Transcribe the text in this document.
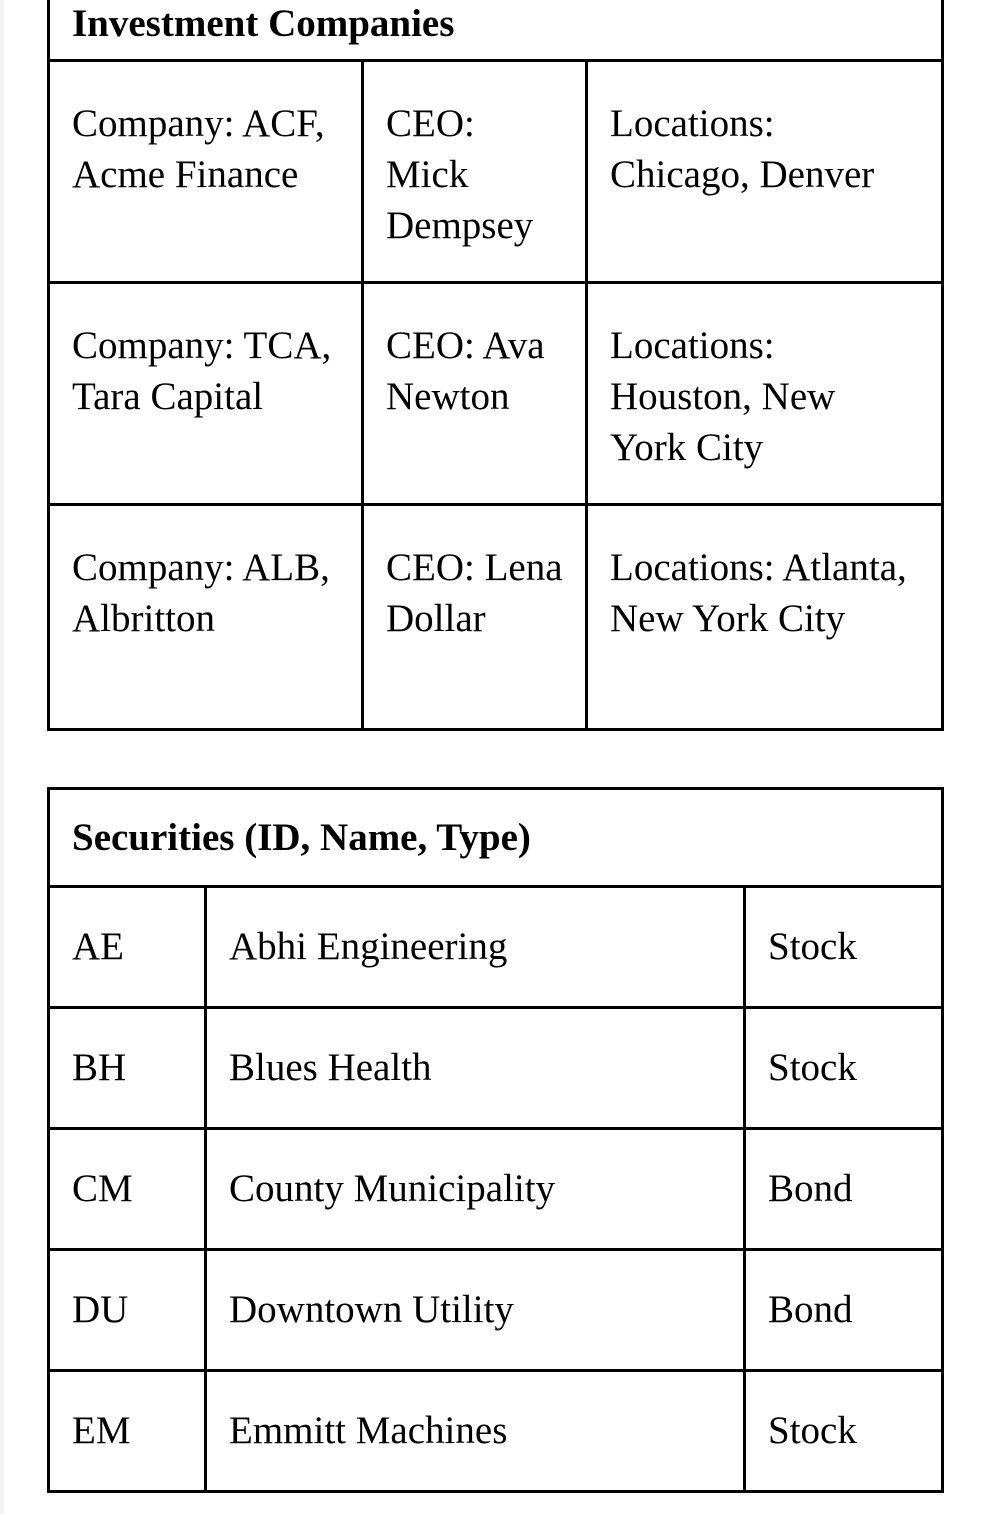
Investment Companies		
Company: ACF, Acme Finance	CEO: Mick Dempsey	Locations: Chicago, Denver
Company: TCA, Tara Capital	CEO: Ava Newton	Locations: Houston, New York City
Company: ALB, Albritton	CEO: Lena Dollar	Locations: Atlanta, New York City
Securities (ID, Name, Type)		
AE	Abhi Engineering	Stock
BH	Blues Health	Stock
CM	County Municipality	Bond
DU	Downtown Utility	Bond
EM	Emmitt Machines	Stock
